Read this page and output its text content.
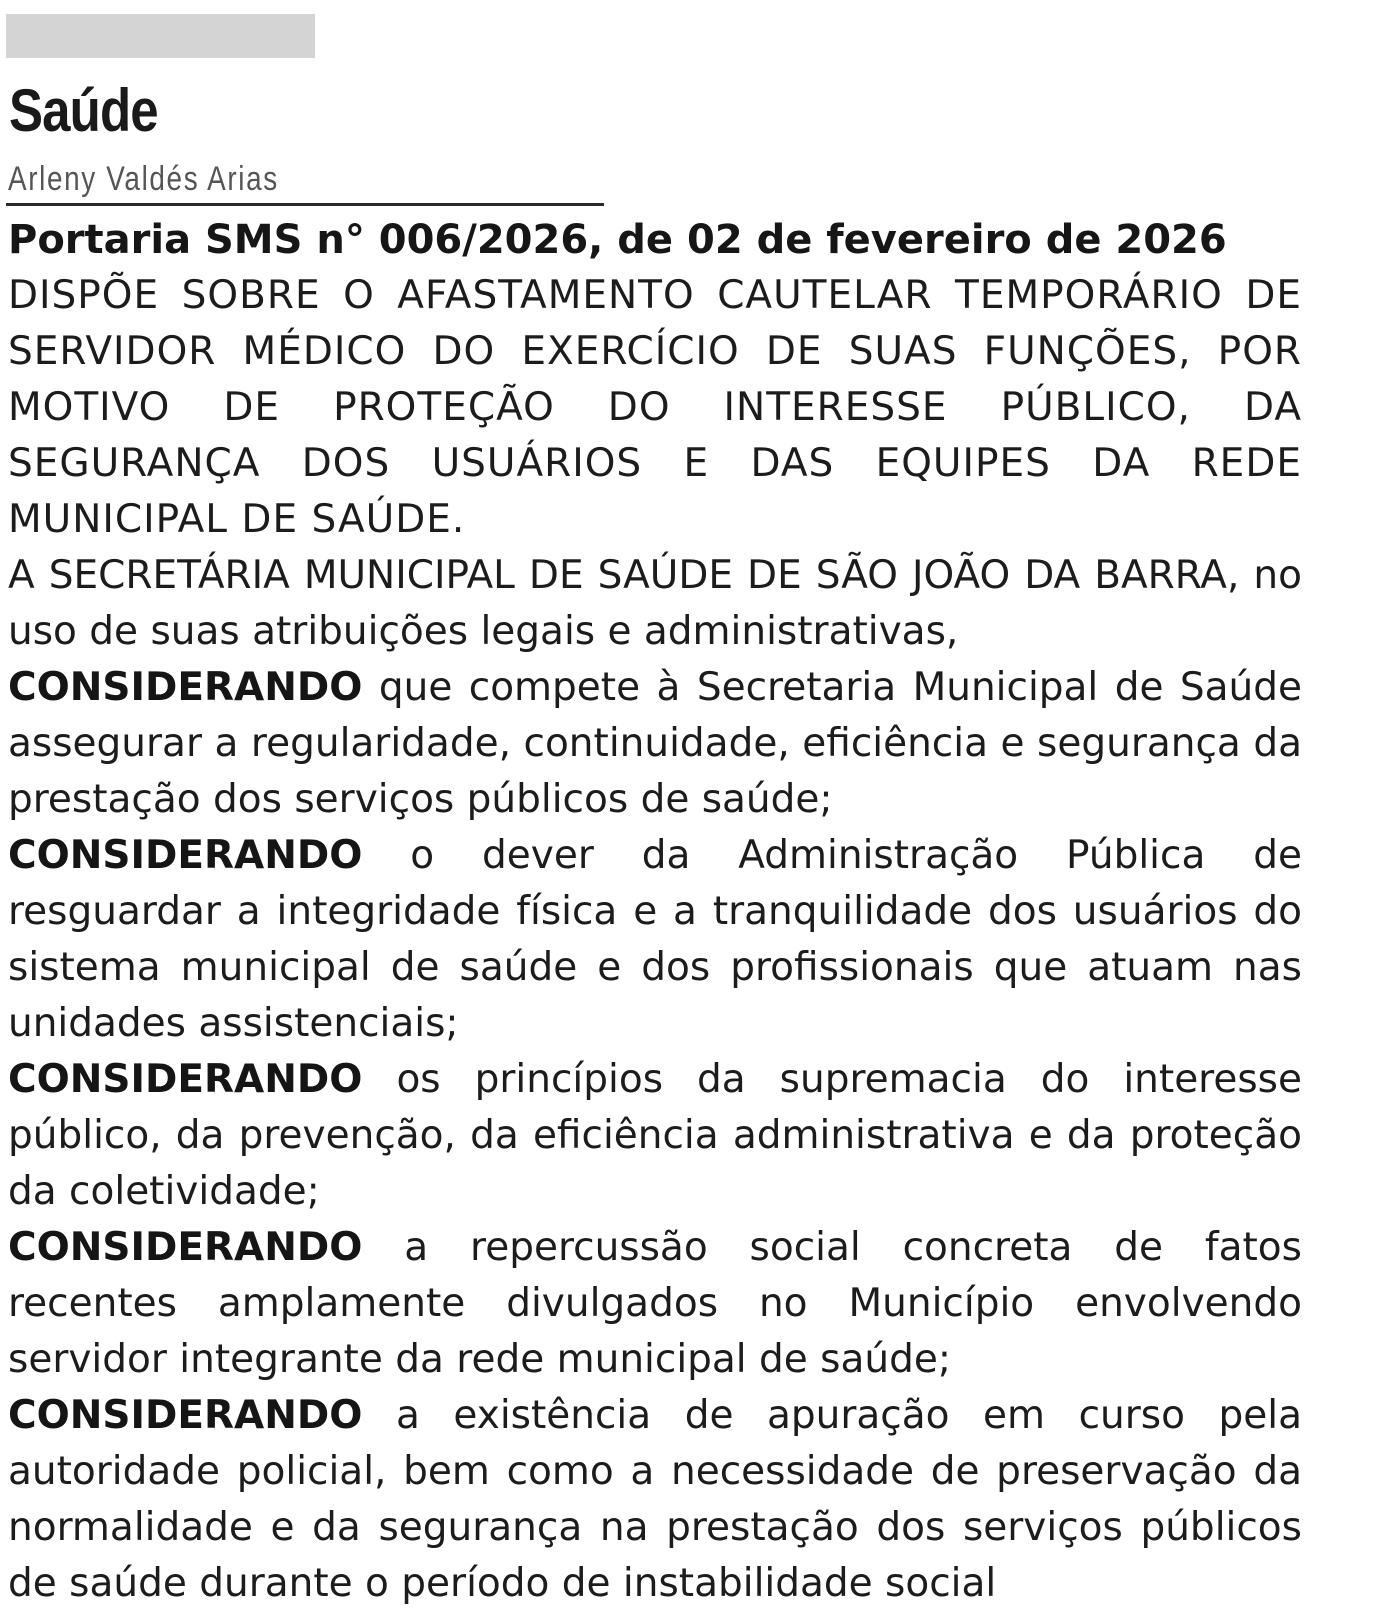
Saúde
Arleny Valdés Arias

Portaria SMS n° 006/2026, de 02 de fevereiro de 2026

DISPÕE SOBRE O AFASTAMENTO CAUTELAR TEMPORÁRIO DE SERVIDOR MÉDICO DO EXERCÍCIO DE SUAS FUNÇÕES, POR MOTIVO DE PROTEÇÃO DO INTERESSE PÚBLICO, DA SEGURANÇA DOS USUÁRIOS E DAS EQUIPES DA REDE MUNICIPAL DE SAÚDE.

A SECRETÁRIA MUNICIPAL DE SAÚDE DE SÃO JOÃO DA BARRA, no uso de suas atribuições legais e administrativas,

CONSIDERANDO que compete à Secretaria Municipal de Saúde assegurar a regularidade, continuidade, eficiência e segurança da prestação dos serviços públicos de saúde;

CONSIDERANDO o dever da Administração Pública de resguardar a integridade física e a tranquilidade dos usuários do sistema municipal de saúde e dos profissionais que atuam nas unidades assistenciais;

CONSIDERANDO os princípios da supremacia do interesse público, da prevenção, da eficiência administrativa e da proteção da coletividade;

CONSIDERANDO a repercussão social concreta de fatos recentes amplamente divulgados no Município envolvendo servidor integrante da rede municipal de saúde;

CONSIDERANDO a existência de apuração em curso pela autoridade policial, bem como a necessidade de preservação da normalidade e da segurança na prestação dos serviços públicos de saúde durante o período de instabilidade social
